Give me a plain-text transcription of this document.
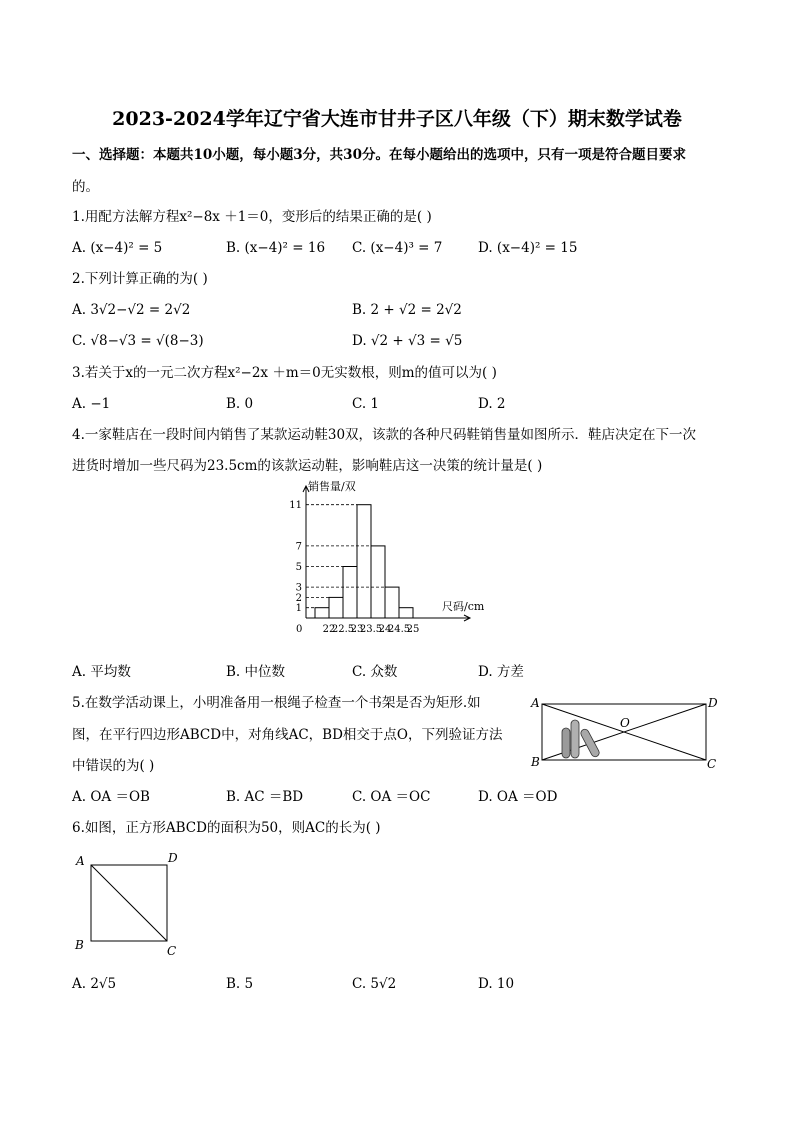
2023-2024学年辽宁省大连市甘井子区八年级（下）期末数学试卷
一、选择题：本题共10小题，每小题3分，共30分。在每小题给出的选项中，只有一项是符合题目要求
的。
1.用配方法解方程x²−8x ＋1＝0，变形后的结果正确的是( )
A. (x−4)² = 5	B. (x−4)² = 16 C. (x−4)³ = 7	D. (x−4)² = 15
2.下列计算正确的为( )
A. 3√2−√2 = 2√2	B. 2 + √2 = 2√2
C. √8−√3 = √(8−3)	D. √2 + √3 = √5
3.若关于x的一元二次方程x²−2x ＋m＝0无实数根，则m的值可以为( )
A. −1	B. 0	C. 1	D. 2
4.一家鞋店在一段时间内销售了某款运动鞋30双，该款的各种尺码鞋销售量如图所示．鞋店决定在下一次
进货时增加一些尺码为23.5cm的该款运动鞋，影响鞋店这一决策的统计量是( )
销售量/双
尺码/cm
0 22
22.5
23
23.5
24
24.5
25
1
2
3
5
7
11
A. 平均数	B. 中位数	C. 众数	D. 方差
5.在数学活动课上，小明准备用一根绳子检查一个书架是否为矩形.如
图，在平行四边形ABCD中，对角线AC，BD相交于点O，下列验证方法
中错误的为( )
A	D
B	C
O
A. OA ＝OB	B. AC ＝BD	C. OA ＝OC	D. OA ＝OD
6.如图，正方形ABCD的面积为50，则AC的长为( )
A	D
B	C
A. 2√5	B. 5	C. 5√2	D. 10
